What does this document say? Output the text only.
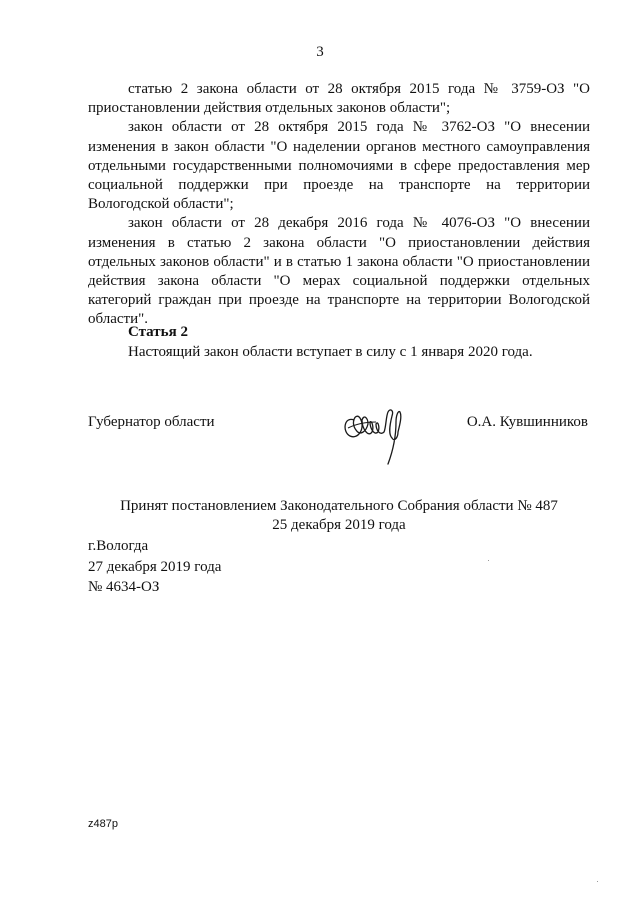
3

статью 2 закона области от 28 октября 2015 года № 3759-ОЗ "О приостановлении действия отдельных законов области";

закон области от 28 октября 2015 года № 3762-ОЗ "О внесении изменения в закон области "О наделении органов местного самоуправления отдельными государственными полномочиями в сфере предоставления мер социальной поддержки при проезде на транспорте на территории Вологодской области";

закон области от 28 декабря 2016 года № 4076-ОЗ "О внесении изменения в статью 2 закона области "О приостановлении действия отдельных законов области" и в статью 1 закона области "О приостановлении действия закона области "О мерах социальной поддержки отдельных категорий граждан при проезде на транспорте на территории Вологодской области".

Статья 2
Настоящий закон области вступает в силу с 1 января 2020 года.
Губернатор области	О.А. Кувшинников
Принят постановлением Законодательного Собрания области № 487
25 декабря 2019 года
г.Вологда
27 декабря 2019 года
№ 4634-ОЗ
z487p
